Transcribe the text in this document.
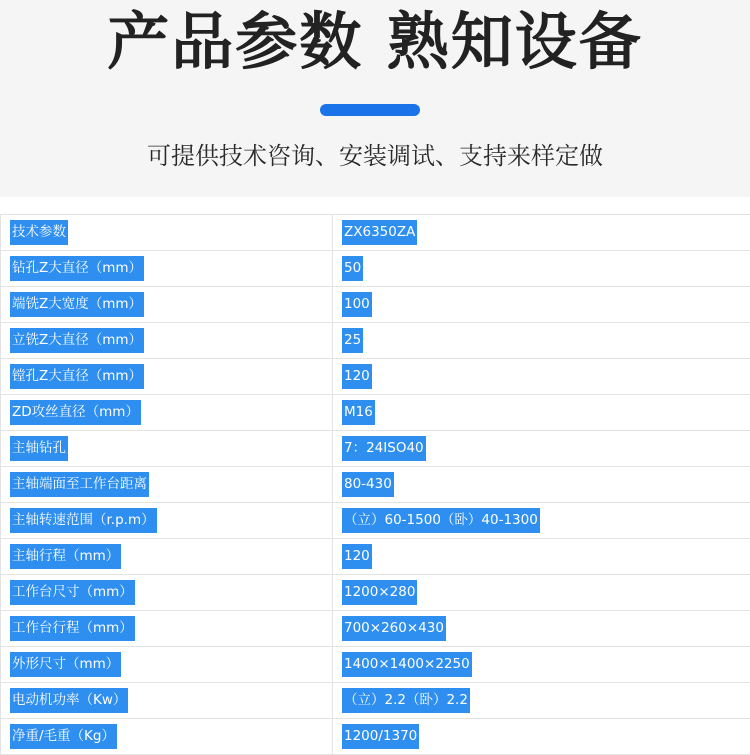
产品参数 熟知设备
可提供技术咨询、安装调试、支持来样定做
技术参数	ZX6350ZA
钻孔Z大直径（mm）	50
端铣Z大宽度（mm）	100
立铣Z大直径（mm）	25
镗孔Z大直径（mm）	120
ZD攻丝直径（mm）	M16
主轴钻孔	7：24ISO40
主轴端面至工作台距离	80-430
主轴转速范围（r.p.m）	（立）60-1500（卧）40-1300
主轴行程（mm）	120
工作台尺寸（mm）	1200×280
工作台行程（mm）	700×260×430
外形尺寸（mm）	1400×1400×2250
电动机功率（Kw）	（立）2.2（卧）2.2
净重/毛重（Kg）	1200/1370
